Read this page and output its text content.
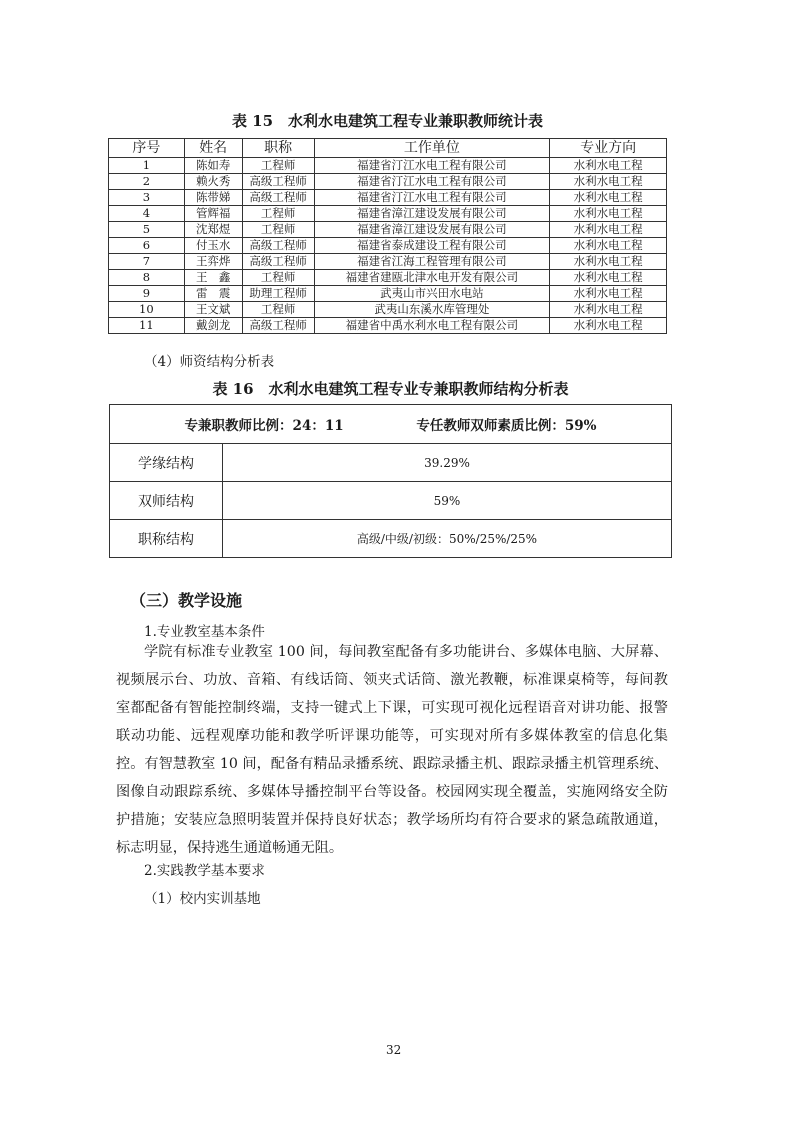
表 15　水利水电建筑工程专业兼职教师统计表
序号	姓名	职称	工作单位	专业方向
1	陈如寿	工程师	福建省汀江水电工程有限公司	水利水电工程
2	赖火秀	高级工程师	福建省汀江水电工程有限公司	水利水电工程
3	陈带娣	高级工程师	福建省汀江水电工程有限公司	水利水电工程
4	管辉福	工程师	福建省漳江建设发展有限公司	水利水电工程
5	沈郑煜	工程师	福建省漳江建设发展有限公司	水利水电工程
6	付玉水	高级工程师	福建省泰成建设工程有限公司	水利水电工程
7	王弈烨	高级工程师	福建省江海工程管理有限公司	水利水电工程
8	王　鑫	工程师	福建省建瓯北津水电开发有限公司	水利水电工程
9	雷　震	助理工程师	武夷山市兴田水电站	水利水电工程
10	王文斌	工程师	武夷山东溪水库管理处	水利水电工程
11	戴剑龙	高级工程师	福建省中禹水利水电工程有限公司	水利水电工程
（4）师资结构分析表
表 16　水利水电建筑工程专业专兼职教师结构分析表
专兼职教师比例：24：11 专任教师双师素质比例：59%	
学缘结构	39.29%
双师结构	59%
职称结构	高级/中级/初级：50%/25%/25%
（三）教学设施
1.专业教室基本条件
学院有标准专业教室 100 间，每间教室配备有多功能讲台、多媒体电脑、大屏幕、视频展示台、功放、音箱、有线话筒、领夹式话筒、激光教鞭，标准课桌椅等，每间教室都配备有智能控制终端，支持一键式上下课，可实现可视化远程语音对讲功能、报警联动功能、远程观摩功能和教学听评课功能等，可实现对所有多媒体教室的信息化集控。有智慧教室 10 间，配备有精品录播系统、跟踪录播主机、跟踪录播主机管理系统、图像自动跟踪系统、多媒体导播控制平台等设备。校园网实现全覆盖，实施网络安全防护措施；安装应急照明装置并保持良好状态；教学场所均有符合要求的紧急疏散通道，标志明显，保持逃生通道畅通无阻。
2.实践教学基本要求
（1）校内实训基地
32
